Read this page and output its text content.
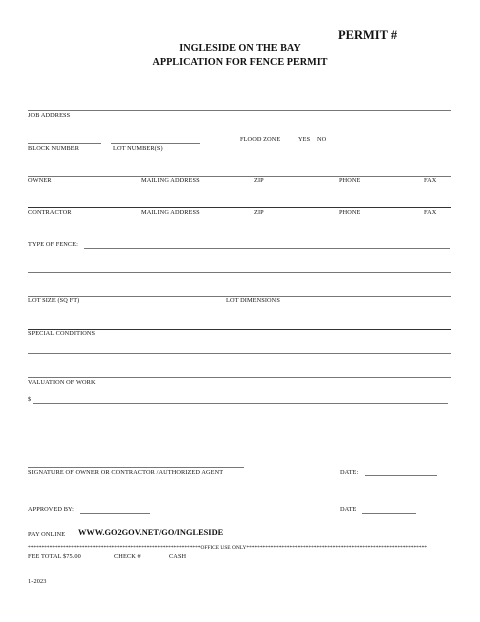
PERMIT #
INGLESIDE ON THE BAY
APPLICATION FOR FENCE PERMIT
JOB ADDRESS
BLOCK NUMBER	LOT NUMBER(S)
FLOOD ZONE	YES NO
OWNER	MAILING ADDRESS	ZIP	PHONE	FAX
CONTRACTOR	MAILING ADDRESS	ZIP	PHONE	FAX
TYPE OF FENCE:
LOT SIZE (SQ FT)	LOT DIMENSIONS
SPECIAL CONDITIONS
VALUATION OF WORK
$
SIGNATURE OF OWNER OR CONTRACTOR /AUTHORIZED AGENT	DATE:
APPROVED BY:	DATE
PAY ONLINE WWW.GO2GOV.NET/GO/INGLESIDE
****************************************************************OFFICE USE ONLY*******************************************************************
FEE TOTAL $75.00	CHECK #	CASH
1-2023
